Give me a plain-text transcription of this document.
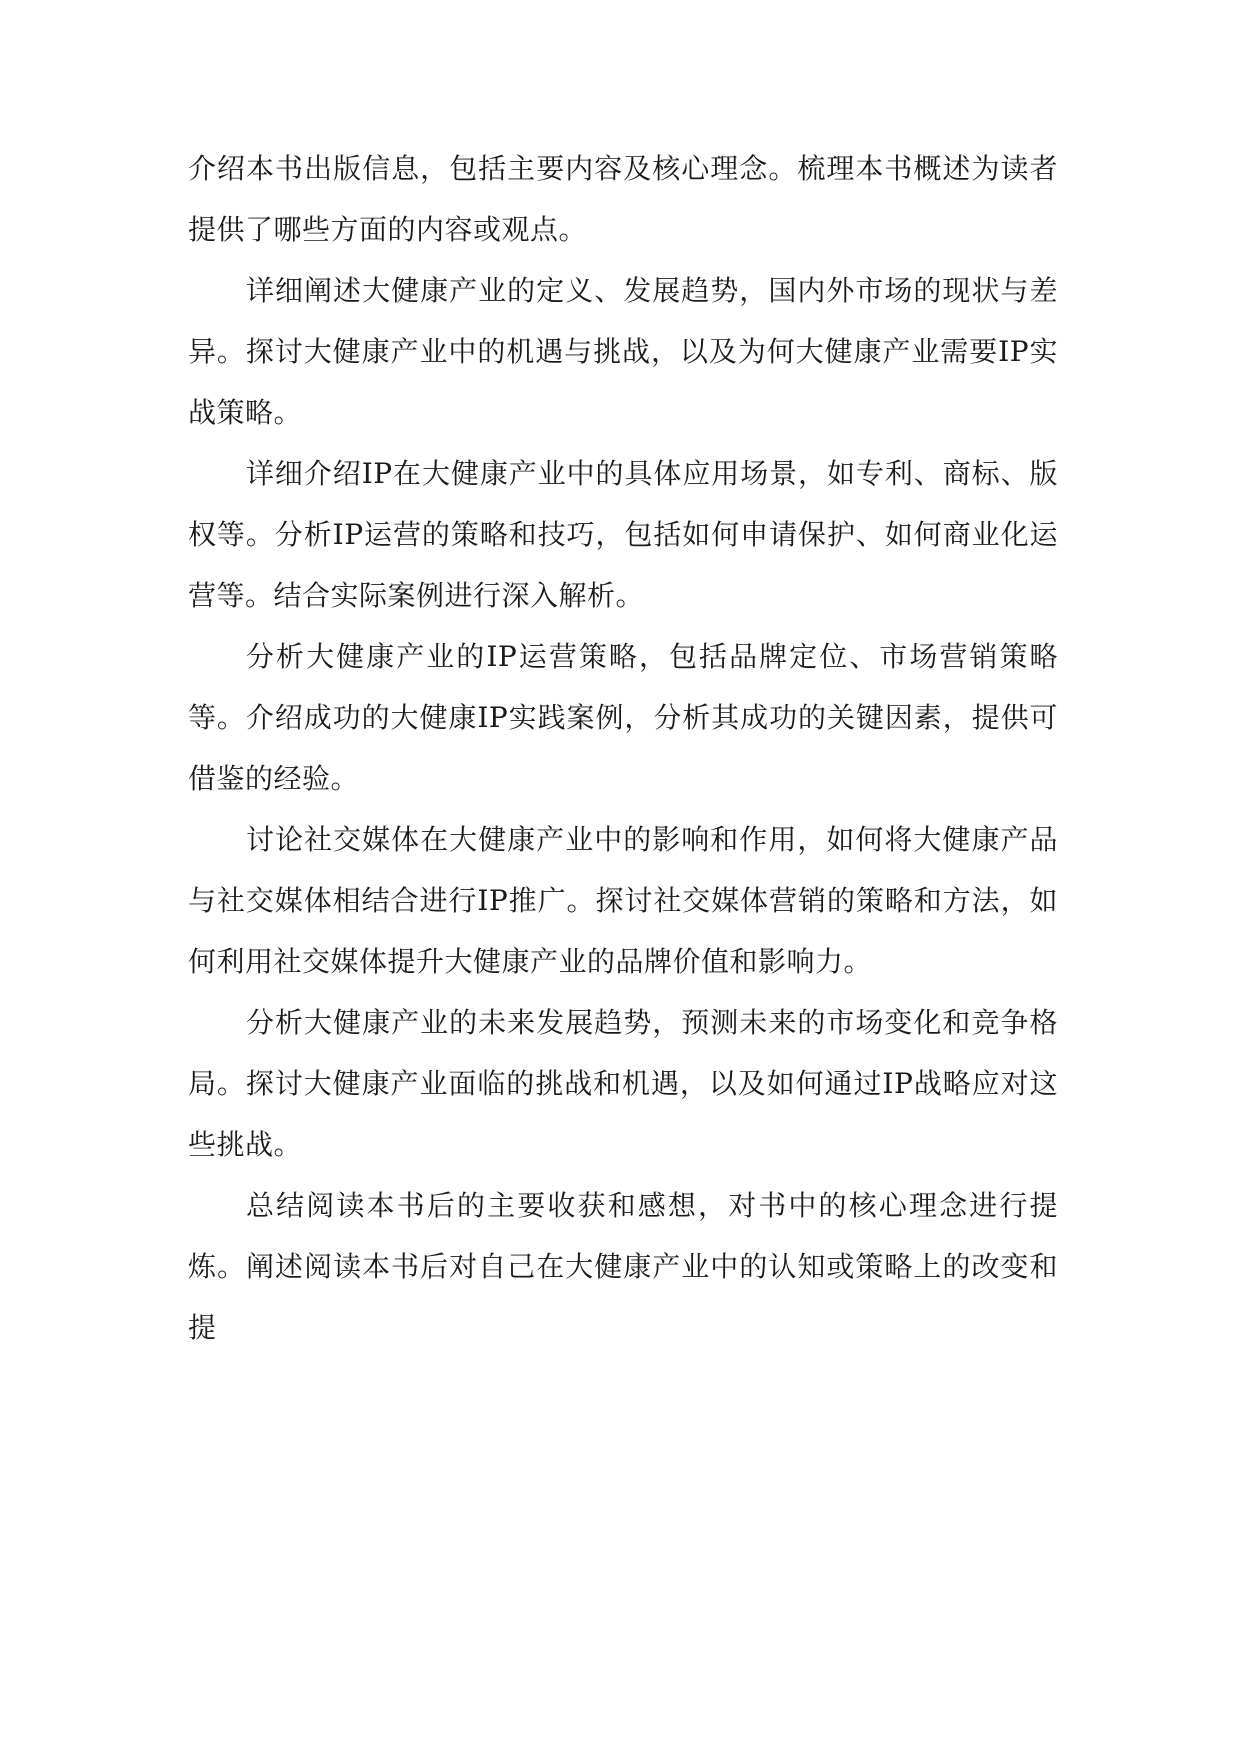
介绍本书出版信息，包括主要内容及核心理念。梳理本书概述为读者提供了哪些方面的内容或观点。

详细阐述大健康产业的定义、发展趋势，国内外市场的现状与差异。探讨大健康产业中的机遇与挑战，以及为何大健康产业需要IP实战策略。

详细介绍IP在大健康产业中的具体应用场景，如专利、商标、版权等。分析IP运营的策略和技巧，包括如何申请保护、如何商业化运营等。结合实际案例进行深入解析。

分析大健康产业的IP运营策略，包括品牌定位、市场营销策略等。介绍成功的大健康IP实践案例，分析其成功的关键因素，提供可借鉴的经验。

讨论社交媒体在大健康产业中的影响和作用，如何将大健康产品与社交媒体相结合进行IP推广。探讨社交媒体营销的策略和方法，如何利用社交媒体提升大健康产业的品牌价值和影响力。

分析大健康产业的未来发展趋势，预测未来的市场变化和竞争格局。探讨大健康产业面临的挑战和机遇，以及如何通过IP战略应对这些挑战。

总结阅读本书后的主要收获和感想，对书中的核心理念进行提炼。阐述阅读本书后对自己在大健康产业中的认知或策略上的改变和提
